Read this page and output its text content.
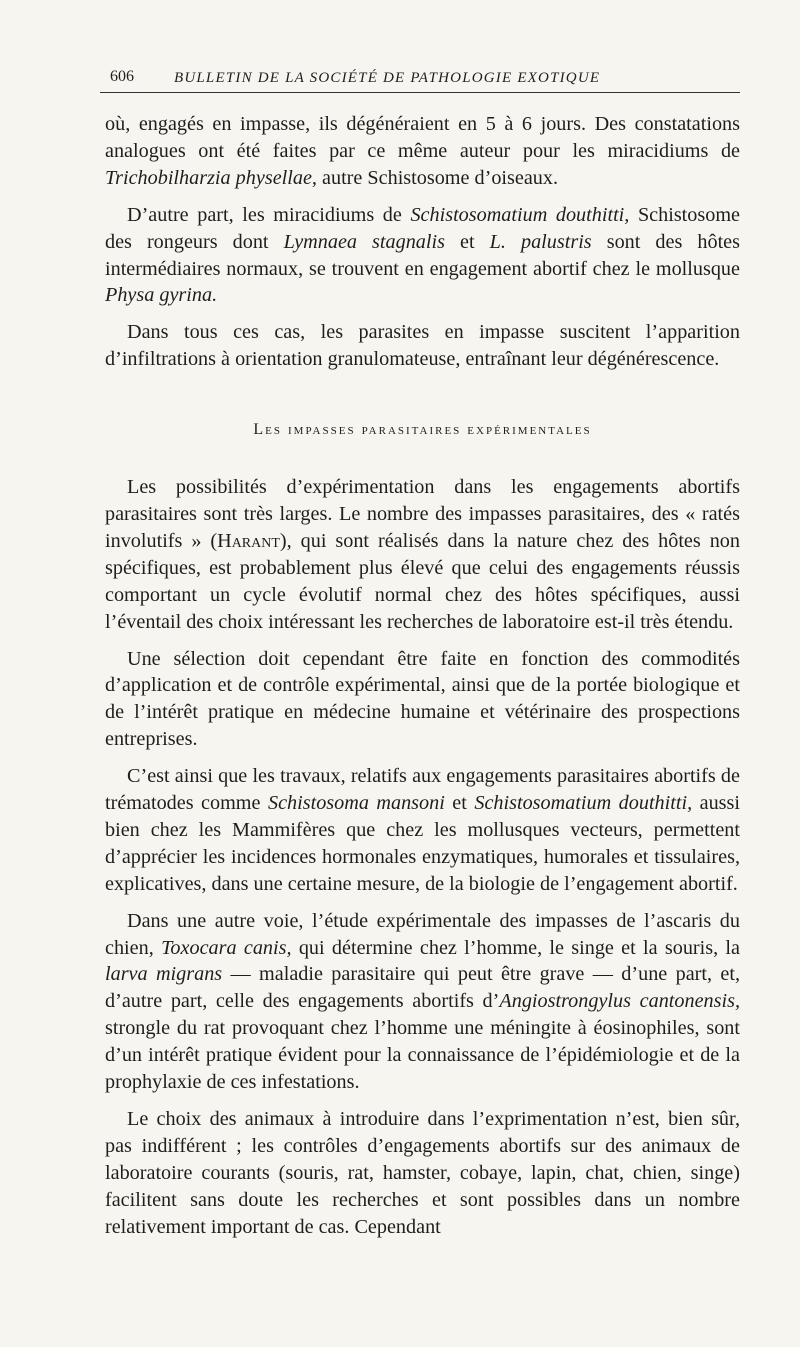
606	BULLETIN DE LA SOCIÉTÉ DE PATHOLOGIE EXOTIQUE

où, engagés en impasse, ils dégénéraient en 5 à 6 jours. Des constatations analogues ont été faites par ce même auteur pour les miracidiums de Trichobilharzia physellae, autre Schistosome d’oiseaux.

D’autre part, les miracidiums de Schistosomatium douthitti, Schistosome des rongeurs dont Lymnaea stagnalis et L. palustris sont des hôtes intermédiaires normaux, se trouvent en engagement abortif chez le mollusque Physa gyrina.

Dans tous ces cas, les parasites en impasse suscitent l’apparition d’infiltrations à orientation granulomateuse, entraînant leur dégénérescence.

Les impasses parasitaires expérimentales

Les possibilités d’expérimentation dans les engagements abortifs parasitaires sont très larges. Le nombre des impasses parasitaires, des « ratés involutifs » (Harant), qui sont réalisés dans la nature chez des hôtes non spécifiques, est probablement plus élevé que celui des engagements réussis comportant un cycle évolutif normal chez des hôtes spécifiques, aussi l’éventail des choix intéressant les recherches de laboratoire est-il très étendu.

Une sélection doit cependant être faite en fonction des commodités d’application et de contrôle expérimental, ainsi que de la portée biologique et de l’intérêt pratique en médecine humaine et vétérinaire des prospections entreprises.

C’est ainsi que les travaux, relatifs aux engagements parasitaires abortifs de trématodes comme Schistosoma mansoni et Schistosomatium douthitti, aussi bien chez les Mammifères que chez les mollusques vecteurs, permettent d’apprécier les incidences hormonales enzymatiques, humorales et tissulaires, explicatives, dans une certaine mesure, de la biologie de l’engagement abortif.

Dans une autre voie, l’étude expérimentale des impasses de l’ascaris du chien, Toxocara canis, qui détermine chez l’homme, le singe et la souris, la larva migrans — maladie parasitaire qui peut être grave — d’une part, et, d’autre part, celle des engagements abortifs d’Angiostrongylus cantonensis, strongle du rat provoquant chez l’homme une méningite à éosinophiles, sont d’un intérêt pratique évident pour la connaissance de l’épidémiologie et de la prophylaxie de ces infestations.

Le choix des animaux à introduire dans l’exprimentation n’est, bien sûr, pas indifférent ; les contrôles d’engagements abortifs sur des animaux de laboratoire courants (souris, rat, hamster, cobaye, lapin, chat, chien, singe) facilitent sans doute les recherches et sont possibles dans un nombre relativement important de cas. Cependant
